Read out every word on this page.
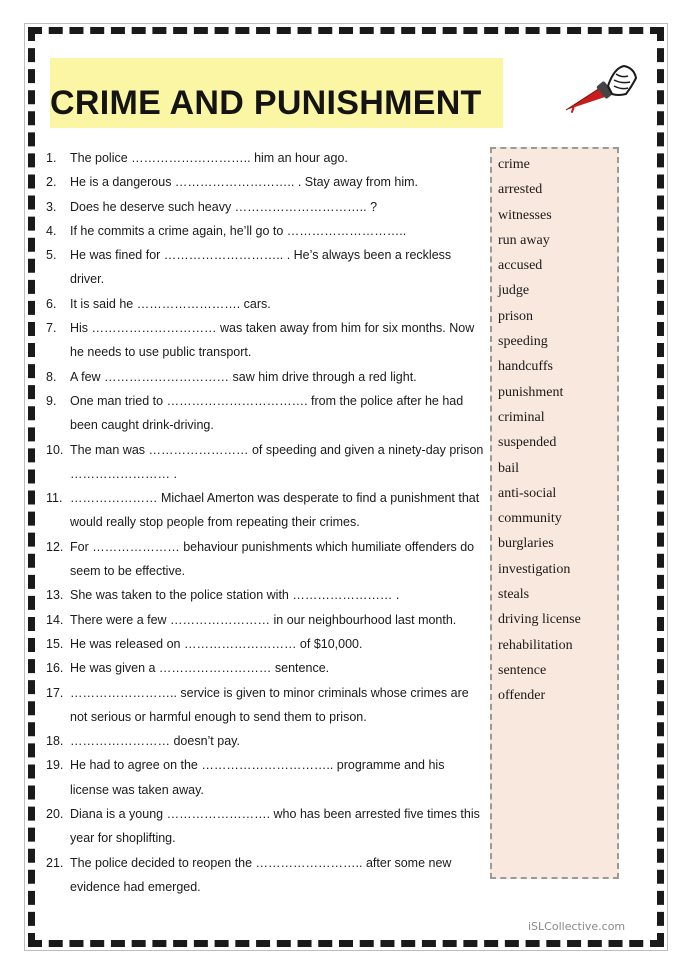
CRIME AND PUNISHMENT
1.	The police ……………………….. him an hour ago.
2.	He is a dangerous ……………………….. . Stay away from him.
3.	Does he deserve such heavy ………………………….. ?
4.	If he commits a crime again, he’ll go to ………………………..
5.	He was fined for ……………………….. . He’s always been a reckless driver.
6.	It is said he ……………………. cars.
7.	His ………………………… was taken away from him for six months. Now he needs to use public transport.
8.	A few ………………………… saw him drive through a red light.
9.	One man tried to ……………………………. from the police after he had been caught drink-driving.
10. The man was …………………… of speeding and given a ninety-day prison …………………… .
11. ………………… Michael Amerton was desperate to find a punishment that would really stop people from repeating their crimes.
12. For ………………… behaviour punishments which humiliate offenders do seem to be effective.
13. She was taken to the police station with …………………… .
14. There were a few …………………… in our neighbourhood last month.
15. He was released on ……………………… of $10,000.
16. He was given a ……………………… sentence.
17. …………………….. service is given to minor criminals whose crimes are not serious or harmful enough to send them to prison.
18. …………………… doesn’t pay.
19. He had to agree on the ………………………….. programme and his license was taken away.
20. Diana is a young ……………………. who has been arrested five times this year for shoplifting.
21. The police decided to reopen the …………………….. after some new evidence had emerged.
crime
arrested
witnesses
run away
accused
judge
prison
speeding
handcuffs
punishment
criminal
suspended
bail
anti-social
community
burglaries
investigation
steals
driving license
rehabilitation
sentence
offender
iSLCollective.com
